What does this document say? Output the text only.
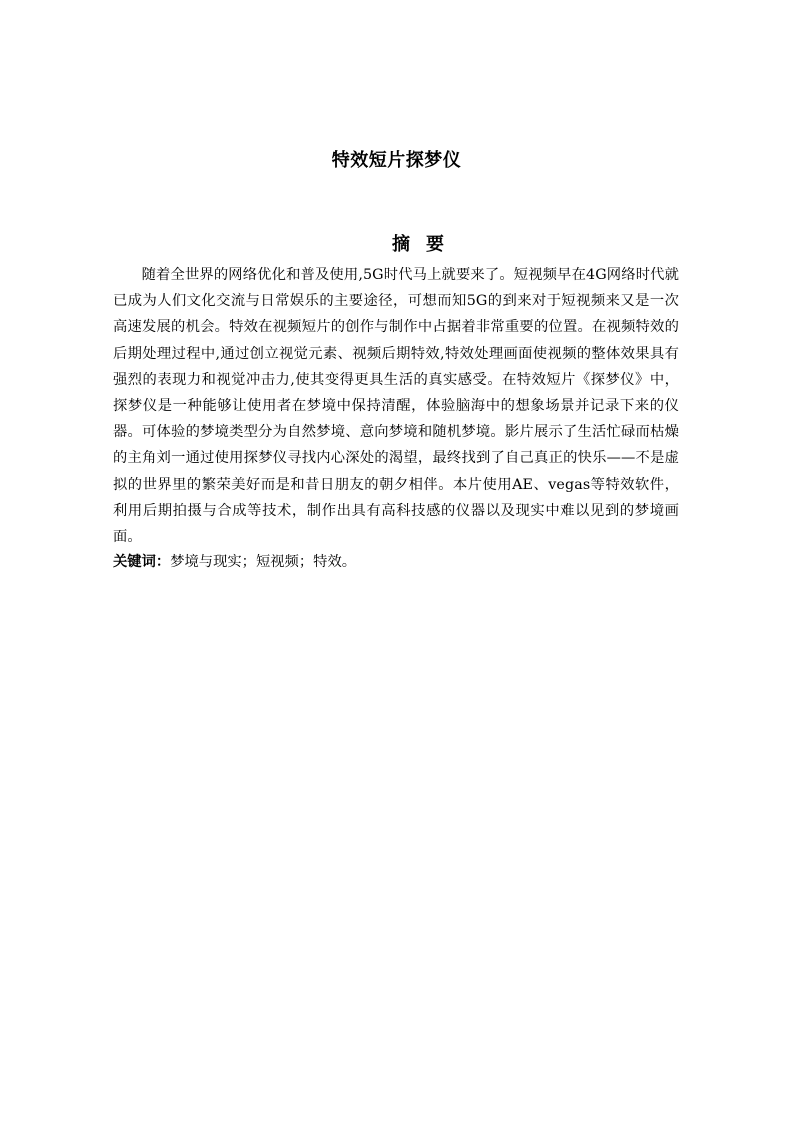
特效短片探梦仪
摘 要

随着全世界的网络优化和普及使用,5G时代马上就要来了。短视频早在4G网络时代就已成为人们文化交流与日常娱乐的主要途径，可想而知5G的到来对于短视频来又是一次高速发展的机会。特效在视频短片的创作与制作中占据着非常重要的位置。在视频特效的后期处理过程中,通过创立视觉元素、视频后期特效,特效处理画面使视频的整体效果具有强烈的表现力和视觉冲击力,使其变得更具生活的真实感受。在特效短片《探梦仪》中，探梦仪是一种能够让使用者在梦境中保持清醒，体验脑海中的想象场景并记录下来的仪器。可体验的梦境类型分为自然梦境、意向梦境和随机梦境。影片展示了生活忙碌而枯燥的主角刘一通过使用探梦仪寻找内心深处的渴望，最终找到了自己真正的快乐——不是虚拟的世界里的繁荣美好而是和昔日朋友的朝夕相伴。本片使用AE、vegas等特效软件，利用后期拍摄与合成等技术，制作出具有高科技感的仪器以及现实中难以见到的梦境画面。

关键词：梦境与现实；短视频；特效。
